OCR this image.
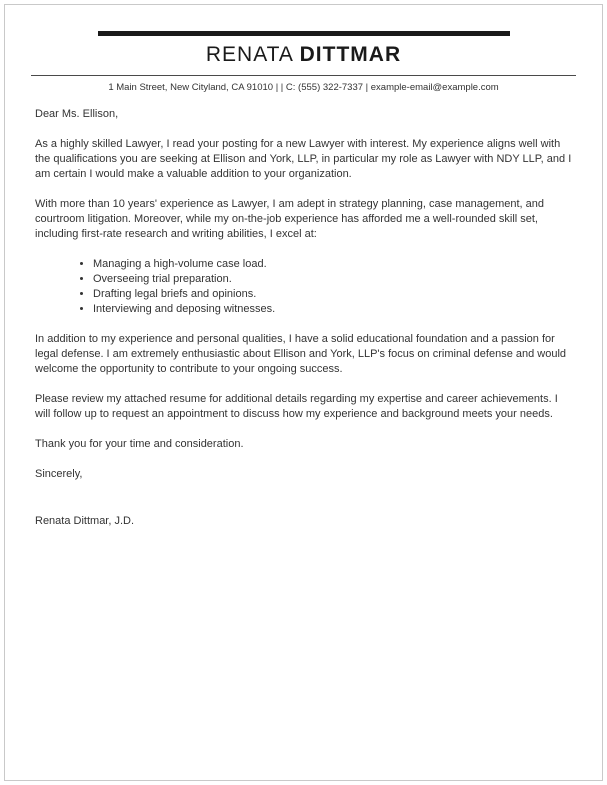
RENATA DITTMAR
1 Main Street, New Cityland, CA 91010 | | C: (555) 322-7337 | example-email@example.com

Dear Ms. Ellison,

As a highly skilled Lawyer, I read your posting for a new Lawyer with interest. My experience aligns well with the qualifications you are seeking at Ellison and York, LLP, in particular my role as Lawyer with NDY LLP, and I am certain I would make a valuable addition to your organization.

With more than 10 years' experience as Lawyer, I am adept in strategy planning, case management, and courtroom litigation. Moreover, while my on-the-job experience has afforded me a well-rounded skill set, including first-rate research and writing abilities, I excel at:

• Managing a high-volume case load.
• Overseeing trial preparation.
• Drafting legal briefs and opinions.
• Interviewing and deposing witnesses.

In addition to my experience and personal qualities, I have a solid educational foundation and a passion for legal defense. I am extremely enthusiastic about Ellison and York, LLP's focus on criminal defense and would welcome the opportunity to contribute to your ongoing success.

Please review my attached resume for additional details regarding my expertise and career achievements. I will follow up to request an appointment to discuss how my experience and background meets your needs.

Thank you for your time and consideration.

Sincerely,

Renata Dittmar, J.D.
